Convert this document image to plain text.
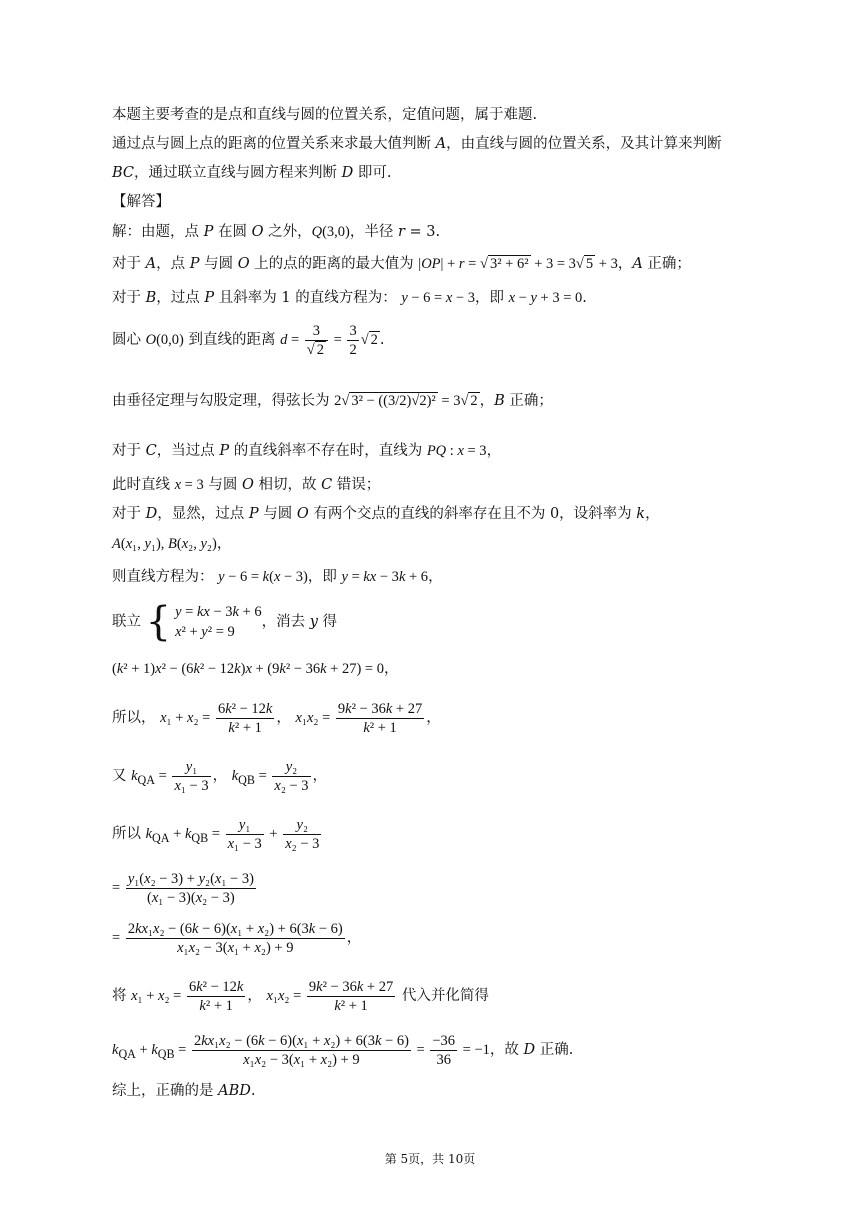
本题主要考查的是点和直线与圆的位置关系，定值问题，属于难题.
通过点与圆上点的距离的位置关系来求最大值判断 A，由直线与圆的位置关系，及其计算来判断
BC，通过联立直线与圆方程来判断 D 即可.
【解答】
解：由题，点 P 在圆 O 之外，Q(3,0)，半径 r = 3.
对于 A，点 P 与圆 O 上的点的距离的最大值为 |OP| + r = √ 3² + 6² + 3 = 3√ 5 + 3，A 正确；
对于 B，过点 P 且斜率为 1 的直线方程为： y − 6 = x − 3，即 x − y + 3 = 0.
圆心 O(0,0) 到直线的距离 $d = \frac{3}{√ 2} = \frac{3}{2}$ √ 2 .
由垂径定理与勾股定理，得弦长为 2√ 3² − ((3/2)√2)² = 3√ 2 ，B 正确；
对于 C，当过点 P 的直线斜率不存在时，直线为 PQ : x = 3，
此时直线 x = 3 与圆 O 相切，故 C 错误；
对于 D，显然，过点 P 与圆 O 有两个交点的直线的斜率存在且不为 0，设斜率为 k，
A(x₁, y₁), B(x₂, y₂)，
则直线方程为： y − 6 = k(x − 3)，即 y = kx − 3k + 6，
联立 { y = kx − 3k + 6
x² + y² = 9，消去 y 得
(k² + 1)x² − (6k² − 12k)x + (9k² − 36k + 27) = 0，
所以， $x_1 + x_2 = \frac{\text{6k² − 12k}}{\text{k² + 1}}$ ， $x_1x_2 = \frac{\text{9k² − 36k + 27}}{\text{k² + 1}}$ ，
又 $k_{QA} = \frac{\text{y₁}}{\text{x₁ − 3}}$ ， $k_{QB} = \frac{\text{y₂}}{\text{x₂ − 3}}$ ，
所以 $k_{QA} + k_{QB} = \frac{\text{y₁}}{\text{x₁ − 3}} + \frac{\text{y₂}}{\text{x₂ − 3}}$
= $\frac{\text{y₁(x₂ − 3) + y₂(x₁ − 3)}}{\text{(x₁ − 3)(x₂ − 3)}}$
= $\frac{\text{2kx₁x₂ − (6k − 6)(x₁ + x₂) + 6(3k − 6)}}{\text{x₁x₂ − 3(x₁ + x₂) + 9}}$ ，
将 $x_1 + x_2 = \frac{\text{6k² − 12k}}{\text{k² + 1}}$ ， $x_1x_2 = \frac{\text{9k² − 36k + 27}}{\text{k² + 1}}$ 代入并化简得
$k_{QA} + k_{QB} = \frac{\text{2kx₁x₂ − (6k − 6)(x₁ + x₂) + 6(3k − 6)}}{\text{x₁x₂ − 3(x₁ + x₂) + 9}} = \frac{-36}{36} = -1$，故 D 正确.
综上，正确的是 ABD.
第 5页，共 10页
